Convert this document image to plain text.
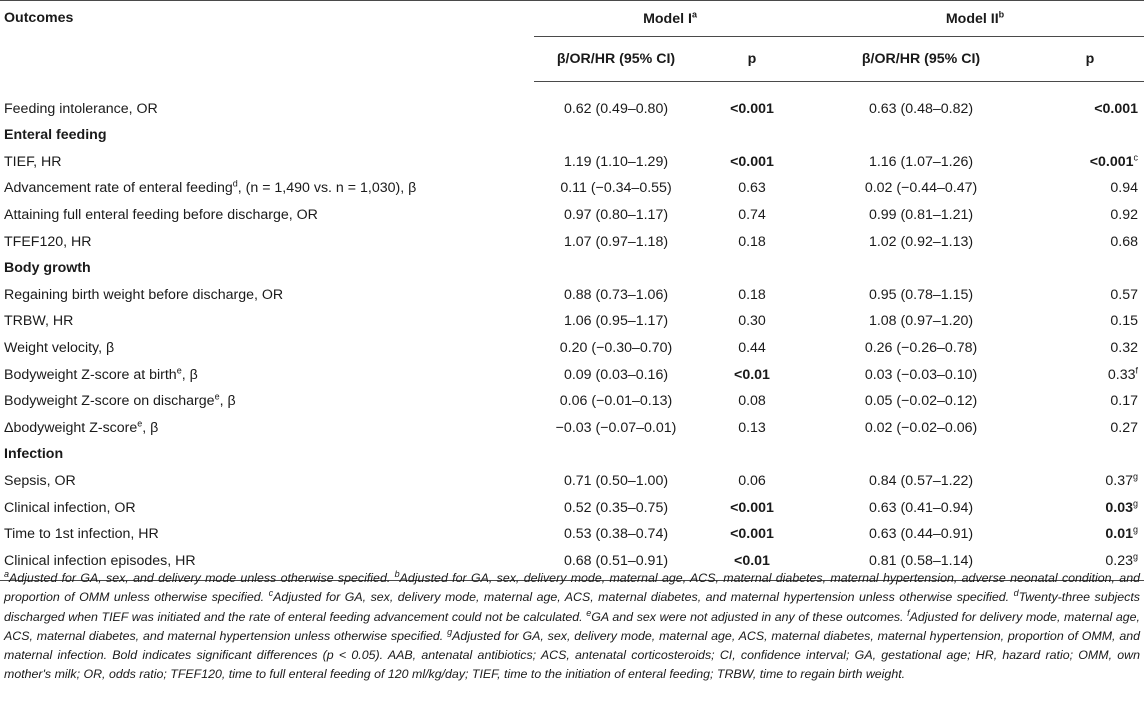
Outcomes	Model $I^a$		Model $II^b$
	β/OR/HR (95% CI)	p	β/OR/HR (95% CI)	p
Feeding intolerance, OR	0.62 (0.49–0.80)	<0.001	0.63 (0.48–0.82)	<0.001
Enteral feeding				
TIEF, HR	1.19 (1.10–1.29)	<0.001	1.16 (1.07–1.26)	<0.001$^c$
Advancement rate of enteral feeding$^d$, (n = 1,490 vs. n = 1,030), β	0.11 (−0.34–0.55)	0.63	0.02 (−0.44–0.47)	0.94
Attaining full enteral feeding before discharge, OR	0.97 (0.80–1.17)	0.74	0.99 (0.81–1.21)	0.92
TFEF120, HR	1.07 (0.97–1.18)	0.18	1.02 (0.92–1.13)	0.68
Body growth				
Regaining birth weight before discharge, OR	0.88 (0.73–1.06)	0.18	0.95 (0.78–1.15)	0.57
TRBW, HR	1.06 (0.95–1.17)	0.30	1.08 (0.97–1.20)	0.15
Weight velocity, β	0.20 (−0.30–0.70)	0.44	0.26 (−0.26–0.78)	0.32
Bodyweight Z-score at birth$^e$, β	0.09 (0.03–0.16)	<0.01	0.03 (−0.03–0.10)	0.33$^f$
Bodyweight Z-score on discharge$^e$, β	0.06 (−0.01–0.13)	0.08	0.05 (−0.02–0.12)	0.17
Δbodyweight Z-score$^e$, β	−0.03 (−0.07–0.01)	0.13	0.02 (−0.02–0.06)	0.27
Infection				
Sepsis, OR	0.71 (0.50–1.00)	0.06	0.84 (0.57–1.22)	0.37$^g$
Clinical infection, OR	0.52 (0.35–0.75)	<0.001	0.63 (0.41–0.94)	0.03$^g$
Time to 1st infection, HR	0.53 (0.38–0.74)	<0.001	0.63 (0.44–0.91)	0.01$^g$
Clinical infection episodes, HR	0.68 (0.51–0.91)	<0.01	0.81 (0.58–1.14)	0.23$^g$
$^a$Adjusted for GA, sex, and delivery mode unless otherwise specified. $^b$Adjusted for GA, sex, delivery mode, maternal age, ACS, maternal diabetes, maternal hypertension, adverse neonatal condition, and proportion of OMM unless otherwise specified. $^c$Adjusted for GA, sex, delivery mode, maternal age, ACS, maternal diabetes, and maternal hypertension unless otherwise specified. $^d$Twenty-three subjects discharged when TIEF was initiated and the rate of enteral feeding advancement could not be calculated. $^e$GA and sex were not adjusted in any of these outcomes. $^f$Adjusted for delivery mode, maternal age, ACS, maternal diabetes, and maternal hypertension unless otherwise specified. $^g$Adjusted for GA, sex, delivery mode, maternal age, ACS, maternal diabetes, maternal hypertension, proportion of OMM, and maternal infection. Bold indicates significant differences (p < 0.05). AAB, antenatal antibiotics; ACS, antenatal corticosteroids; CI, confidence interval; GA, gestational age; HR, hazard ratio; OMM, own mother's milk; OR, odds ratio; TFEF120, time to full enteral feeding of 120 ml/kg/day; TIEF, time to the initiation of enteral feeding; TRBW, time to regain birth weight.
